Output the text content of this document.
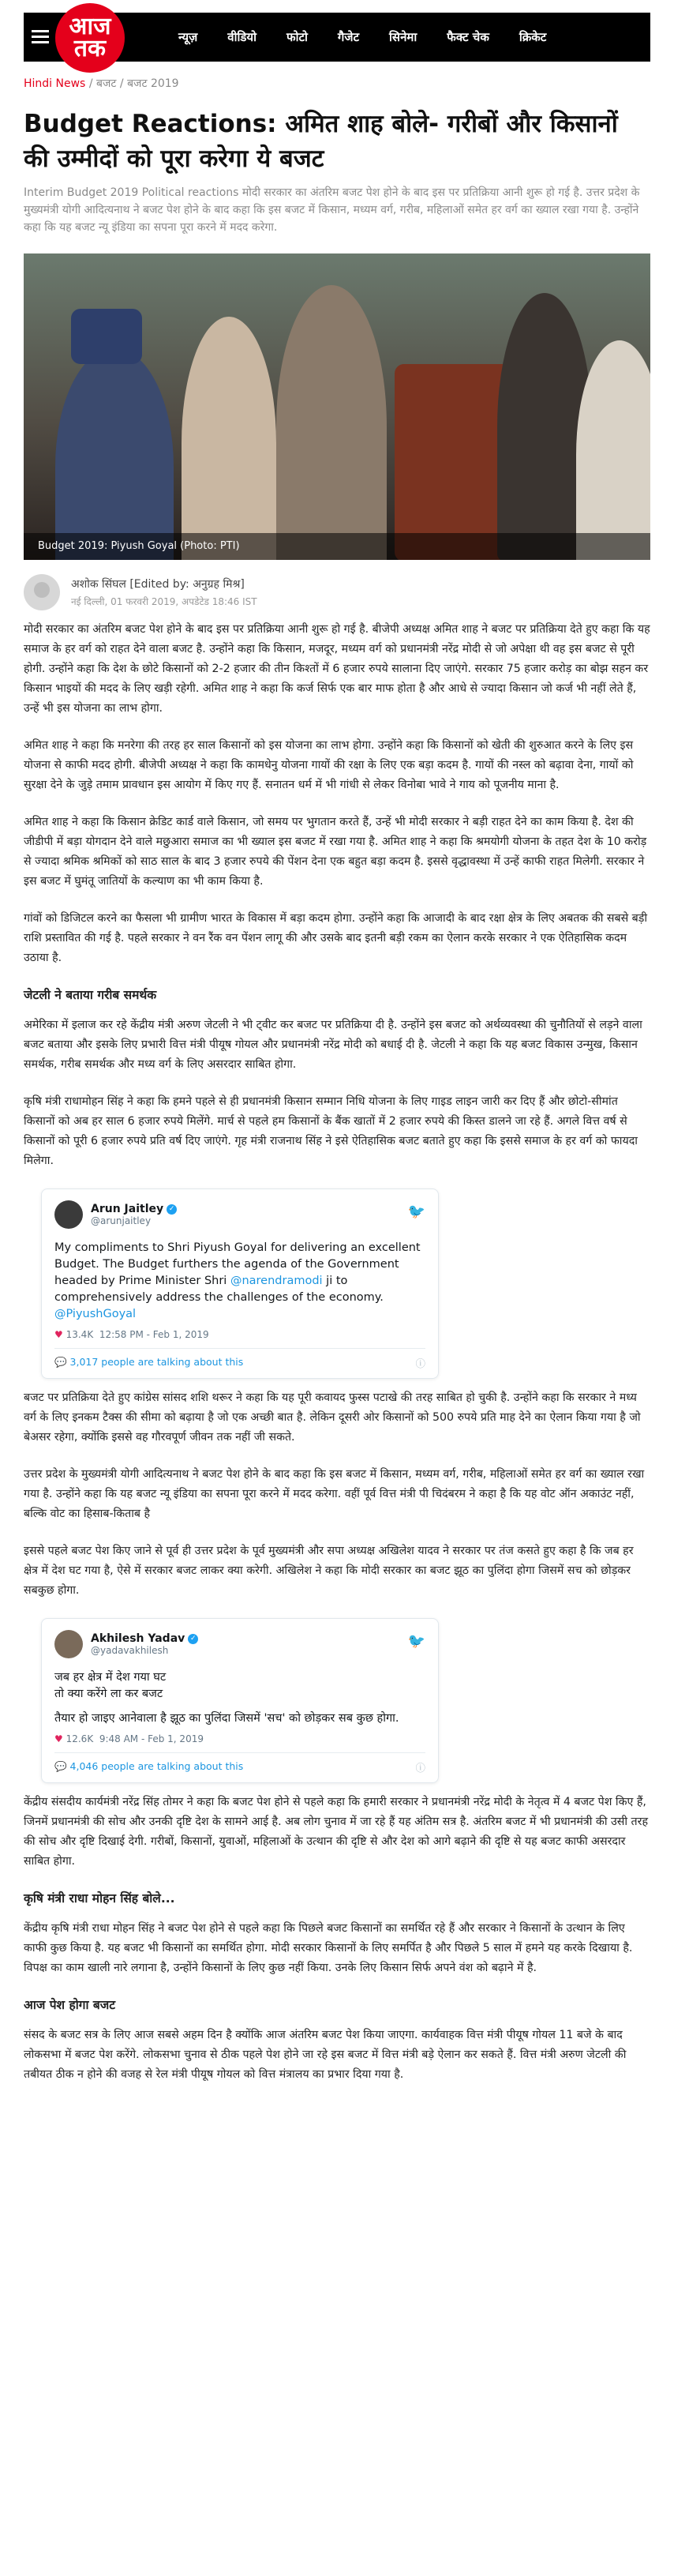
आज
तक	न्यूज़	वीडियो	फोटो	गैजेट	सिनेमा	फैक्ट चेक	क्रिकेट
Hindi News / बजट / बजट 2019
Budget Reactions: अमित शाह बोले- गरीबों और किसानों की उम्मीदों को पूरा करेगा ये बजट

Interim Budget 2019 Political reactions मोदी सरकार का अंतरिम बजट पेश होने के बाद इस पर प्रतिक्रिया आनी शुरू हो गई है. उत्तर प्रदेश के मुख्यमंत्री योगी आदित्यनाथ ने बजट पेश होने के बाद कहा कि इस बजट में किसान, मध्यम वर्ग, गरीब, महिलाओं समेत हर वर्ग का ख्याल रखा गया है. उन्होंने कहा कि यह बजट न्यू इंडिया का सपना पूरा करने में मदद करेगा.

Budget 2019: Piyush Goyal (Photo: PTI)
अशोक सिंघल [Edited by: अनुग्रह मिश्र]
नई दिल्ली, 01 फरवरी 2019, अपडेटेड 18:46 IST

मोदी सरकार का अंतरिम बजट पेश होने के बाद इस पर प्रतिक्रिया आनी शुरू हो गई है. बीजेपी अध्यक्ष अमित शाह ने बजट पर प्रतिक्रिया देते हुए कहा कि यह समाज के हर वर्ग को राहत देने वाला बजट है. उन्होंने कहा कि किसान, मजदूर, मध्यम वर्ग को प्रधानमंत्री नरेंद्र मोदी से जो अपेक्षा थी वह इस बजट से पूरी होगी. उन्होंने कहा कि देश के छोटे किसानों को 2-2 हजार की तीन किश्तों में 6 हजार रुपये सालाना दिए जाएंगे. सरकार 75 हजार करोड़ का बोझ सहन कर किसान भाइयों की मदद के लिए खड़ी रहेगी. अमित शाह ने कहा कि कर्ज सिर्फ एक बार माफ होता है और आधे से ज्यादा किसान जो कर्ज भी नहीं लेते हैं, उन्हें भी इस योजना का लाभ होगा.

अमित शाह ने कहा कि मनरेगा की तरह हर साल किसानों को इस योजना का लाभ होगा. उन्होंने कहा कि किसानों को खेती की शुरुआत करने के लिए इस योजना से काफी मदद होगी. बीजेपी अध्यक्ष ने कहा कि कामधेनु योजना गायों की रक्षा के लिए एक बड़ा कदम है. गायों की नस्ल को बढ़ावा देना, गायों को सुरक्षा देने के जुड़े तमाम प्रावधान इस आयोग में किए गए हैं. सनातन धर्म में भी गांधी से लेकर विनोबा भावे ने गाय को पूजनीय माना है.

अमित शाह ने कहा कि किसान क्रेडिट कार्ड वाले किसान, जो समय पर भुगतान करते हैं, उन्हें भी मोदी सरकार ने बड़ी राहत देने का काम किया है. देश की जीडीपी में बड़ा योगदान देने वाले मछुआरा समाज का भी ख्याल इस बजट में रखा गया है. अमित शाह ने कहा कि श्रमयोगी योजना के तहत देश के 10 करोड़ से ज्यादा श्रमिक श्रमिकों को साठ साल के बाद 3 हजार रुपये की पेंशन देना एक बहुत बड़ा कदम है. इससे वृद्धावस्था में उन्हें काफी राहत मिलेगी. सरकार ने इस बजट में घुमंतू जातियों के कल्याण का भी काम किया है.

गांवों को डिजिटल करने का फैसला भी ग्रामीण भारत के विकास में बड़ा कदम होगा. उन्होंने कहा कि आजादी के बाद रक्षा क्षेत्र के लिए अबतक की सबसे बड़ी राशि प्रस्तावित की गई है. पहले सरकार ने वन रैंक वन पेंशन लागू की और उसके बाद इतनी बड़ी रकम का ऐलान करके सरकार ने एक ऐतिहासिक कदम उठाया है.

जेटली ने बताया गरीब समर्थक

अमेरिका में इलाज कर रहे केंद्रीय मंत्री अरुण जेटली ने भी ट्वीट कर बजट पर प्रतिक्रिया दी है. उन्होंने इस बजट को अर्थव्यवस्था की चुनौतियों से लड़ने वाला बजट बताया और इसके लिए प्रभारी वित्त मंत्री पीयूष गोयल और प्रधानमंत्री नरेंद्र मोदी को बधाई दी है. जेटली ने कहा कि यह बजट विकास उन्मुख, किसान समर्थक, गरीब समर्थक और मध्य वर्ग के लिए असरदार साबित होगा.

कृषि मंत्री राधामोहन सिंह ने कहा कि हमने पहले से ही प्रधानमंत्री किसान सम्मान निधि योजना के लिए गाइड लाइन जारी कर दिए हैं और छोटो-सीमांत किसानों को अब हर साल 6 हजार रुपये मिलेंगे. मार्च से पहले हम किसानों के बैंक खातों में 2 हजार रुपये की किस्त डालने जा रहे हैं. अगले वित्त वर्ष से किसानों को पूरी 6 हजार रुपये प्रति वर्ष दिए जाएंगे. गृह मंत्री राजनाथ सिंह ने इसे ऐतिहासिक बजट बताते हुए कहा कि इससे समाज के हर वर्ग को फायदा मिलेगा.

Arun Jaitley ✓
@arunjaitley
🐦
My compliments to Shri Piyush Goyal for delivering an excellent Budget. The Budget furthers the agenda of the Government headed by Prime Minister Shri @narendramodi ji to comprehensively address the challenges of the economy.
@PiyushGoyal
♥ 13.4K 12:58 PM - Feb 1, 2019
💬 3,017 people are talking about this	ⓘ

बजट पर प्रतिक्रिया देते हुए कांग्रेस सांसद शशि थरूर ने कहा कि यह पूरी कवायद फुस्स पटाखे की तरह साबित हो चुकी है. उन्होंने कहा कि सरकार ने मध्य वर्ग के लिए इनकम टैक्स की सीमा को बढ़ाया है जो एक अच्छी बात है. लेकिन दूसरी ओर किसानों को 500 रुपये प्रति माह देने का ऐलान किया गया है जो बेअसर रहेगा, क्योंकि इससे वह गौरवपूर्ण जीवन तक नहीं जी सकते.

उत्तर प्रदेश के मुख्यमंत्री योगी आदित्यनाथ ने बजट पेश होने के बाद कहा कि इस बजट में किसान, मध्यम वर्ग, गरीब, महिलाओं समेत हर वर्ग का ख्याल रखा गया है. उन्होंने कहा कि यह बजट न्यू इंडिया का सपना पूरा करने में मदद करेगा. वहीं पूर्व वित्त मंत्री पी चिदंबरम ने कहा है कि यह वोट ऑन अकाउंट नहीं, बल्कि वोट का हिसाब-किताब है

इससे पहले बजट पेश किए जाने से पूर्व ही उत्तर प्रदेश के पूर्व मुख्यमंत्री और सपा अध्यक्ष अखिलेश यादव ने सरकार पर तंज कसते हुए कहा है कि जब हर क्षेत्र में देश घट गया है, ऐसे में सरकार बजट लाकर क्या करेगी. अखिलेश ने कहा कि मोदी सरकार का बजट झूठ का पुलिंदा होगा जिसमें सच को छोड़कर सबकुछ होगा.

Akhilesh Yadav ✓
@yadavakhilesh
🐦
जब हर क्षेत्र में देश गया घट
तो क्या करेंगे ला कर बजट
तैयार हो जाइए आनेवाला है झूठ का पुलिंदा जिसमें 'सच' को छोड़कर सब कुछ होगा.
♥ 12.6K 9:48 AM - Feb 1, 2019
💬 4,046 people are talking about this	ⓘ

केंद्रीय संसदीय कार्यमंत्री नरेंद्र सिंह तोमर ने कहा कि बजट पेश होने से पहले कहा कि हमारी सरकार ने प्रधानमंत्री नरेंद्र मोदी के नेतृत्व में 4 बजट पेश किए हैं, जिनमें प्रधानमंत्री की सोच और उनकी दृष्टि देश के सामने आई है. अब लोग चुनाव में जा रहे हैं यह अंतिम सत्र है. अंतरिम बजट में भी प्रधानमंत्री की उसी तरह की सोच और दृष्टि दिखाई देगी. गरीबों, किसानों, युवाओं, महिलाओं के उत्थान की दृष्टि से और देश को आगे बढ़ाने की दृष्टि से यह बजट काफी असरदार साबित होगा.

कृषि मंत्री राधा मोहन सिंह बोले...

केंद्रीय कृषि मंत्री राधा मोहन सिंह ने बजट पेश होने से पहले कहा कि पिछले बजट किसानों का समर्थित रहे हैं और सरकार ने किसानों के उत्थान के लिए काफी कुछ किया है. यह बजट भी किसानों का समर्थित होगा. मोदी सरकार किसानों के लिए समर्पित है और पिछले 5 साल में हमने यह करके दिखाया है. विपक्ष का काम खाली नारे लगाना है, उन्होंने किसानों के लिए कुछ नहीं किया. उनके लिए किसान सिर्फ अपने वंश को बढ़ाने में है.

आज पेश होगा बजट

संसद के बजट सत्र के लिए आज सबसे अहम दिन है क्योंकि आज अंतरिम बजट पेश किया जाएगा. कार्यवाहक वित्त मंत्री पीयूष गोयल 11 बजे के बाद लोकसभा में बजट पेश करेंगे. लोकसभा चुनाव से ठीक पहले पेश होने जा रहे इस बजट में वित्त मंत्री बड़े ऐलान कर सकते हैं. वित्त मंत्री अरुण जेटली की तबीयत ठीक न होने की वजह से रेल मंत्री पीयूष गोयल को वित्त मंत्रालय का प्रभार दिया गया है.
